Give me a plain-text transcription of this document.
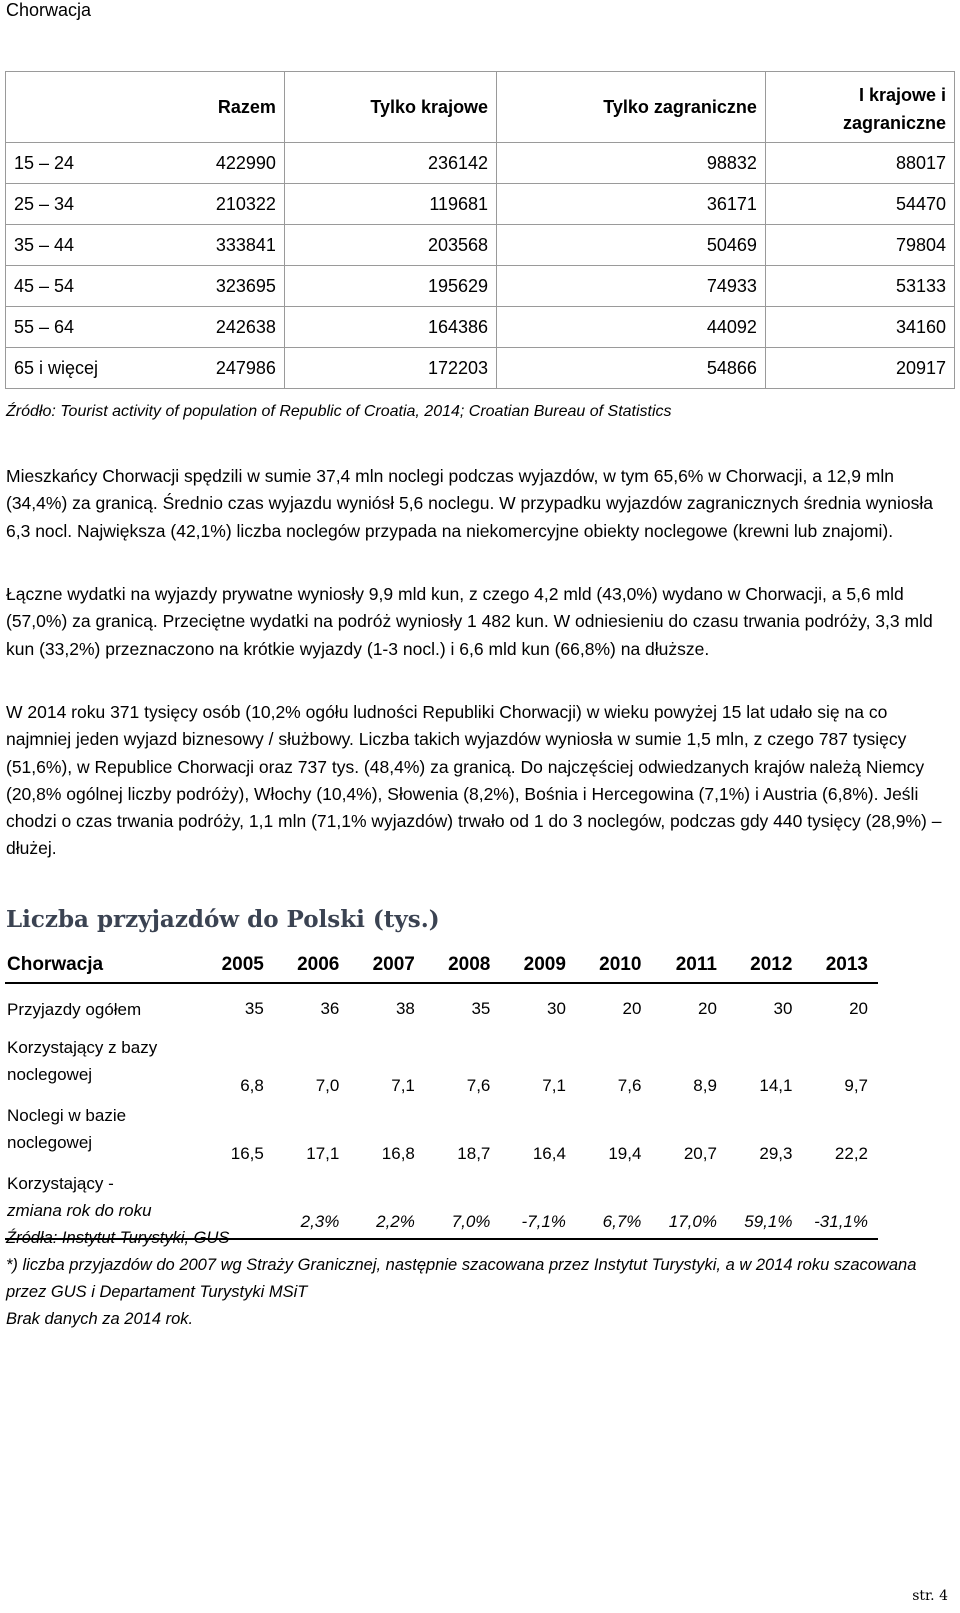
Chorwacja
	Razem	Tylko krajowe	Tylko zagraniczne	I krajowe i
zagraniczne
15 – 24	422990	236142	98832	88017
25 – 34	210322	119681	36171	54470
35 – 44	333841	203568	50469	79804
45 – 54	323695	195629	74933	53133
55 – 64	242638	164386	44092	34160
65 i więcej	247986	172203	54866	20917
Źródło: Tourist activity of population of Republic of Croatia, 2014; Croatian Bureau of Statistics

Mieszkańcy Chorwacji spędzili w sumie 37,4 mln noclegi podczas wyjazdów, w tym 65,6% w Chorwacji, a 12,9 mln (34,4%) za granicą. Średnio czas wyjazdu wyniósł 5,6 noclegu. W przypadku wyjazdów zagranicznych średnia wyniosła 6,3 nocl. Największa (42,1%) liczba noclegów przypada na niekomercyjne obiekty noclegowe (krewni lub znajomi).

Łączne wydatki na wyjazdy prywatne wyniosły 9,9 mld kun, z czego 4,2 mld (43,0%) wydano w Chorwacji, a 5,6 mld (57,0%) za granicą. Przeciętne wydatki na podróż wyniosły 1 482 kun. W odniesieniu do czasu trwania podróży, 3,3 mld kun (33,2%) przeznaczono na krótkie wyjazdy (1-3 nocl.) i 6,6 mld kun (66,8%) na dłuższe.

W 2014 roku 371 tysięcy osób (10,2% ogółu ludności Republiki Chorwacji) w wieku powyżej 15 lat udało się na co najmniej jeden wyjazd biznesowy / służbowy. Liczba takich wyjazdów wyniosła w sumie 1,5 mln, z czego 787 tysięcy (51,6%), w Republice Chorwacji oraz 737 tys. (48,4%) za granicą. Do najczęściej odwiedzanych krajów należą Niemcy (20,8% ogólnej liczby podróży), Włochy (10,4%), Słowenia (8,2%), Bośnia i Hercegowina (7,1%) i Austria (6,8%). Jeśli chodzi o czas trwania podróży, 1,1 mln (71,1% wyjazdów) trwało od 1 do 3 noclegów, podczas gdy 440 tysięcy (28,9%) – dłużej.

Liczba przyjazdów do Polski (tys.)
Chorwacja	2005	2006	2007	2008	2009	2010	2011	2012	2013
Przyjazdy ogółem	35	36	38	35	30	20	20	30	20
Korzystający z bazy
noclegowej	6,8	7,0	7,1	7,6	7,1	7,6	8,9	14,1	9,7
Noclegi w bazie
noclegowej	16,5	17,1	16,8	18,7	16,4	19,4	20,7	29,3	22,2
Korzystający -
zmiana rok do roku		2,3%	2,2%	7,0%	-7,1%	6,7%	17,0%	59,1%	-31,1%
Źródła: Instytut Turystyki, GUS
*) liczba przyjazdów do 2007 wg Straży Granicznej, następnie szacowana przez Instytut Turystyki, a w 2014 roku szacowana przez GUS i Departament Turystyki MSiT
Brak danych za 2014 rok.
str. 4
